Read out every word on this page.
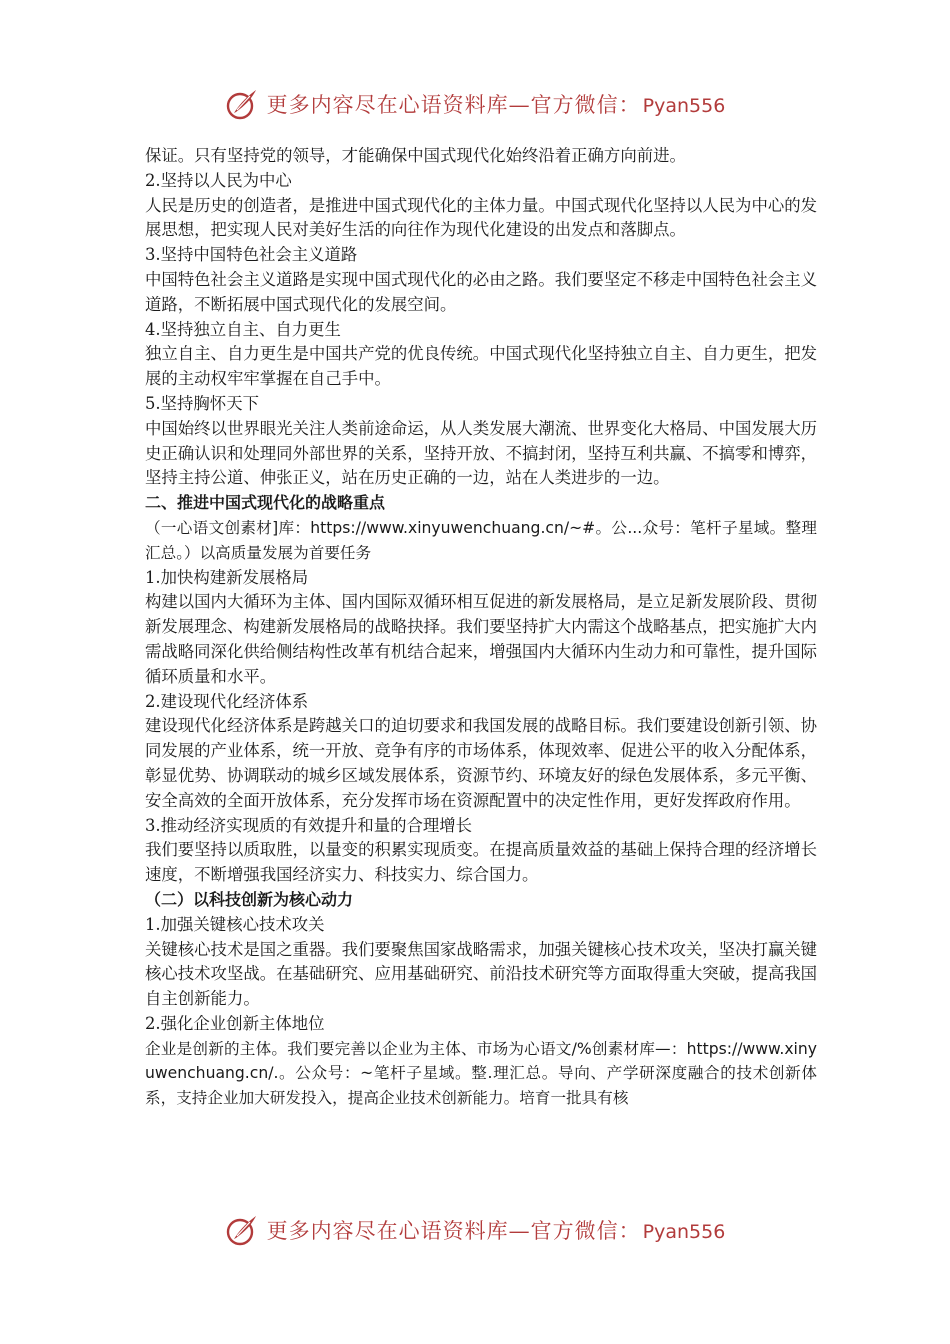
更多内容尽在心语资料库—官方微信： Pyan556

保证。只有坚持党的领导，才能确保中国式现代化始终沿着正确方向前进。

2.坚持以人民为中心

人民是历史的创造者，是推进中国式现代化的主体力量。中国式现代化坚持以人民为中心的发展思想，把实现人民对美好生活的向往作为现代化建设的出发点和落脚点。

3.坚持中国特色社会主义道路

中国特色社会主义道路是实现中国式现代化的必由之路。我们要坚定不移走中国特色社会主义道路，不断拓展中国式现代化的发展空间。

4.坚持独立自主、自力更生

独立自主、自力更生是中国共产党的优良传统。中国式现代化坚持独立自主、自力更生，把发展的主动权牢牢掌握在自己手中。

5.坚持胸怀天下

中国始终以世界眼光关注人类前途命运，从人类发展大潮流、世界变化大格局、中国发展大历史正确认识和处理同外部世界的关系，坚持开放、不搞封闭，坚持互利共赢、不搞零和博弈，坚持主持公道、伸张正义，站在历史正确的一边，站在人类进步的一边。

二、推进中国式现代化的战略重点

（一心语文创素材]库：https://www.xinyuwenchuang.cn/~#。公...众号：笔杆子星域。整理汇总。）以高质量发展为首要任务

1.加快构建新发展格局

构建以国内大循环为主体、国内国际双循环相互促进的新发展格局，是立足新发展阶段、贯彻新发展理念、构建新发展格局的战略抉择。我们要坚持扩大内需这个战略基点，把实施扩大内需战略同深化供给侧结构性改革有机结合起来，增强国内大循环内生动力和可靠性，提升国际循环质量和水平。

2.建设现代化经济体系

建设现代化经济体系是跨越关口的迫切要求和我国发展的战略目标。我们要建设创新引领、协同发展的产业体系，统一开放、竞争有序的市场体系，体现效率、促进公平的收入分配体系，彰显优势、协调联动的城乡区域发展体系，资源节约、环境友好的绿色发展体系，多元平衡、安全高效的全面开放体系，充分发挥市场在资源配置中的决定性作用，更好发挥政府作用。

3.推动经济实现质的有效提升和量的合理增长

我们要坚持以质取胜，以量变的积累实现质变。在提高质量效益的基础上保持合理的经济增长速度，不断增强我国经济实力、科技实力、综合国力。

（二）以科技创新为核心动力

1.加强关键核心技术攻关

关键核心技术是国之重器。我们要聚焦国家战略需求，加强关键核心技术攻关，坚决打赢关键核心技术攻坚战。在基础研究、应用基础研究、前沿技术研究等方面取得重大突破，提高我国自主创新能力。

2.强化企业创新主体地位

企业是创新的主体。我们要完善以企业为主体、市场为心语文/%创素材库—：https://www.xinyuwenchuang.cn/.。公众号：~笔杆子星域。整.理汇总。导向、产学研深度融合的技术创新体系，支持企业加大研发投入，提高企业技术创新能力。培育一批具有核

更多内容尽在心语资料库—官方微信： Pyan556
